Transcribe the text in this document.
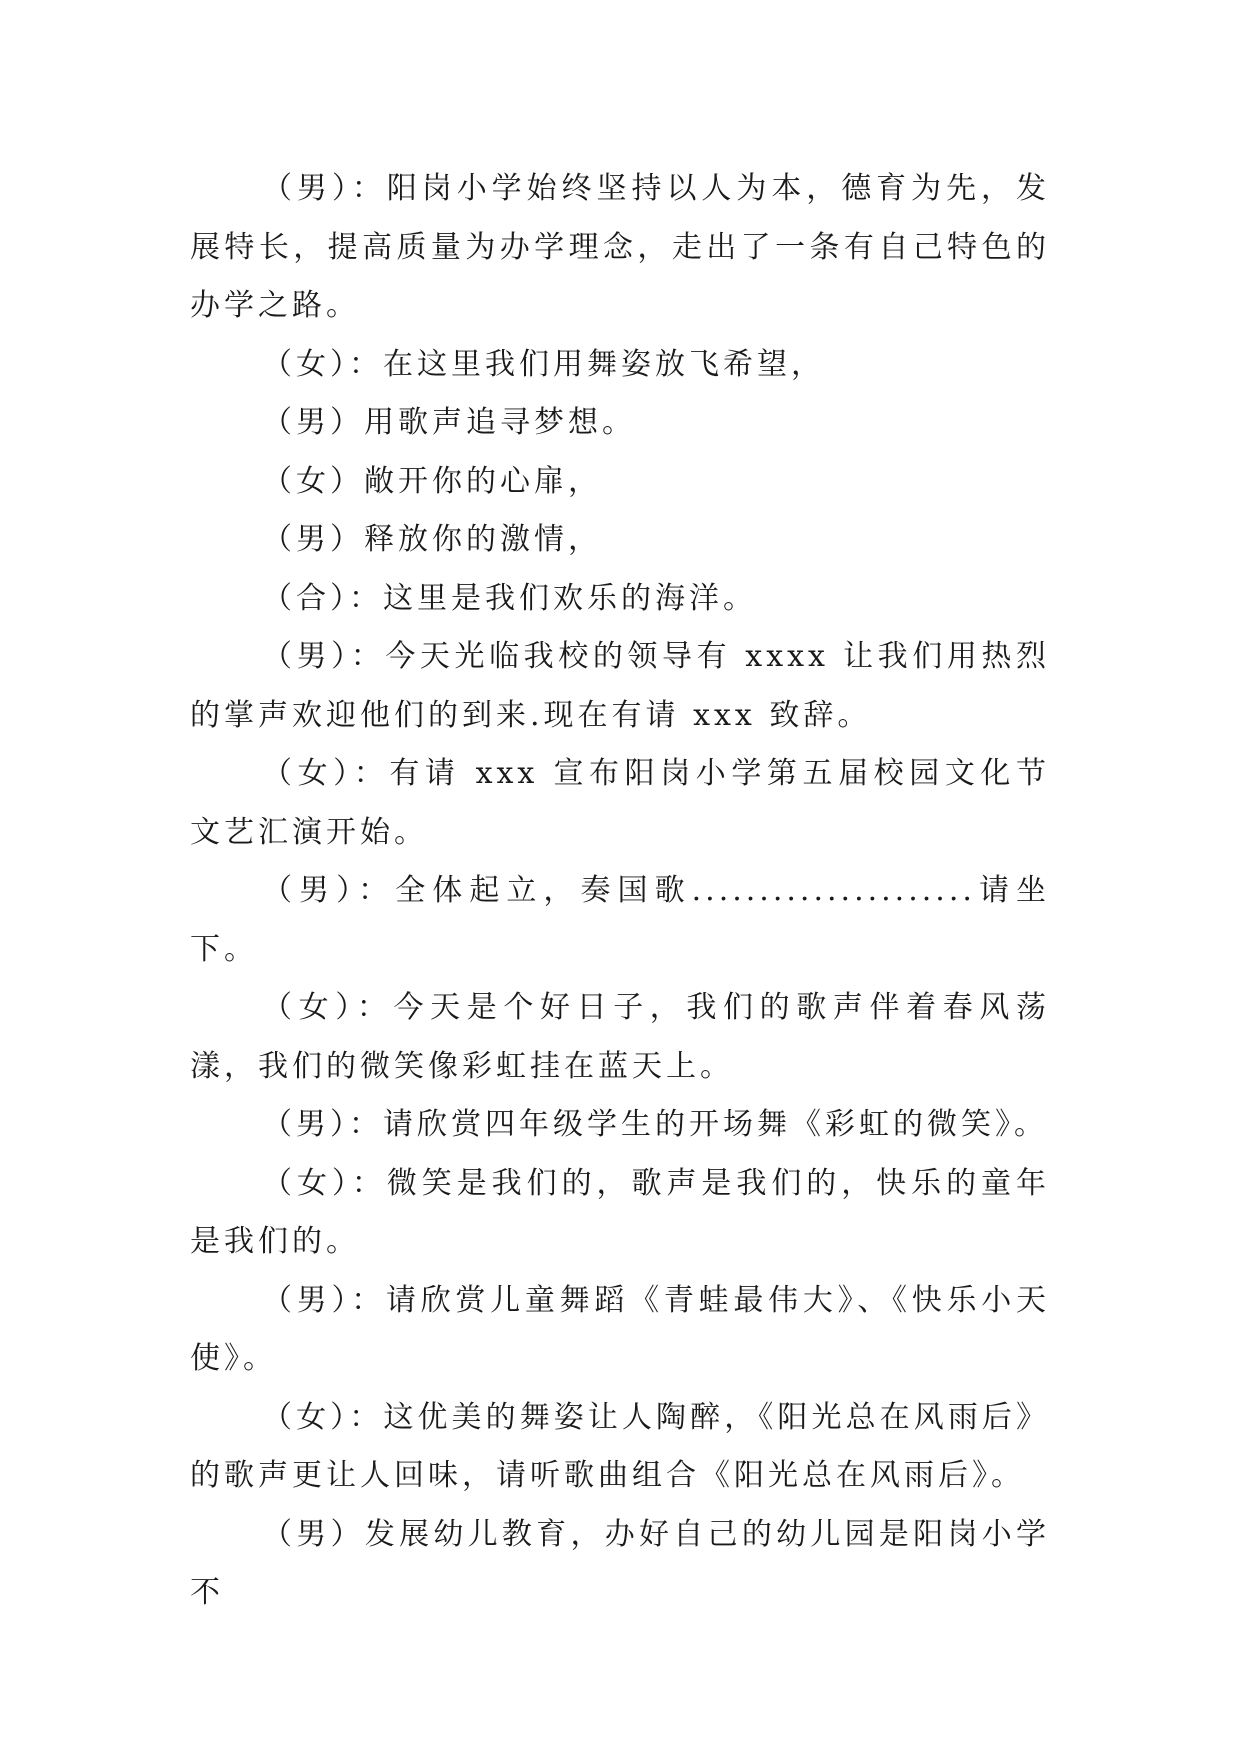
（男）：阳岗小学始终坚持以人为本，德育为先，发展特长，提高质量为办学理念，走出了一条有自己特色的办学之路。

（女）：在这里我们用舞姿放飞希望，

（男）用歌声追寻梦想。

（女）敞开你的心扉，

（男）释放你的激情，

（合）：这里是我们欢乐的海洋。

（男）：今天光临我校的领导有 xxxx 让我们用热烈的掌声欢迎他们的到来.现在有请 xxx 致辞。

（女）：有请 xxx 宣布阳岗小学第五届校园文化节文艺汇演开始。

（男）：全体起立，奏国歌.....................请坐下。

（女）：今天是个好日子，我们的歌声伴着春风荡漾，我们的微笑像彩虹挂在蓝天上。

（男）：请欣赏四年级学生的开场舞《彩虹的微笑》。

（女）：微笑是我们的，歌声是我们的，快乐的童年是我们的。

（男）：请欣赏儿童舞蹈《青蛙最伟大》、《快乐小天使》。

（女）：这优美的舞姿让人陶醉，《阳光总在风雨后》的歌声更让人回味，请听歌曲组合《阳光总在风雨后》。

（男）发展幼儿教育，办好自己的幼儿园是阳岗小学不
